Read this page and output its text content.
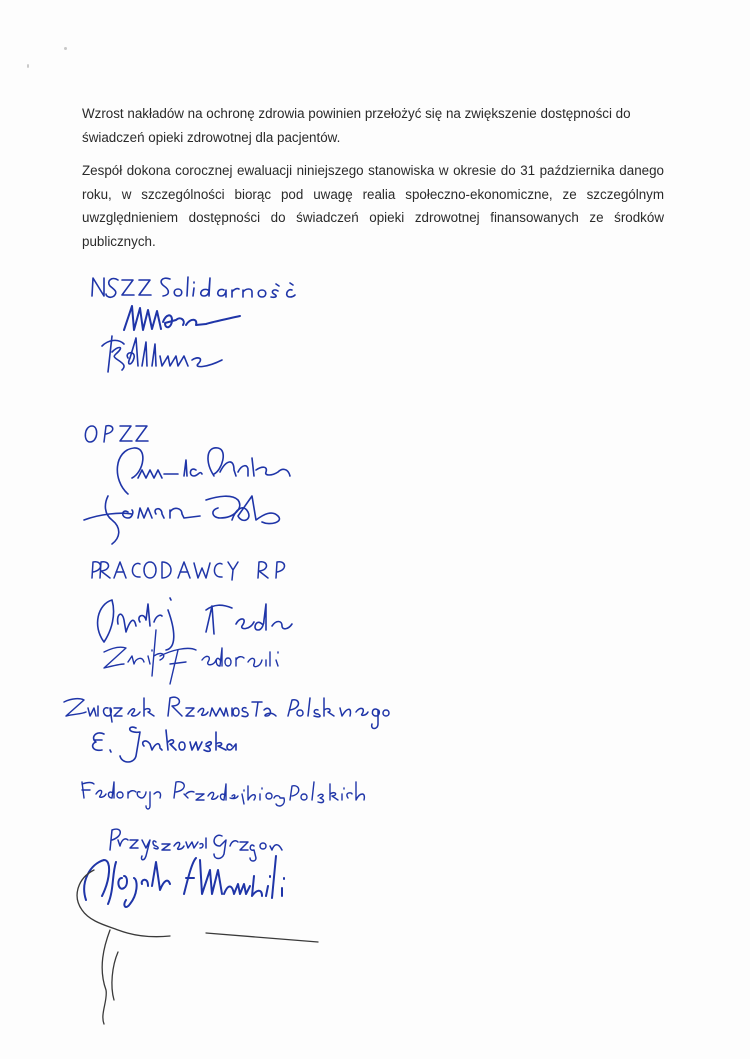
Wzrost nakładów na ochronę zdrowia powinien przełożyć się na zwiększenie dostępności do świadczeń opieki zdrowotnej dla pacjentów.

Zespół dokona corocznej ewaluacji niniejszego stanowiska w okresie do 31 października danego roku, w szczególności biorąc pod uwagę realia społeczno-ekonomiczne, ze szczególnym uwzględnieniem dostępności do świadczeń opieki zdrowotnej finansowanych ze środków publicznych.
